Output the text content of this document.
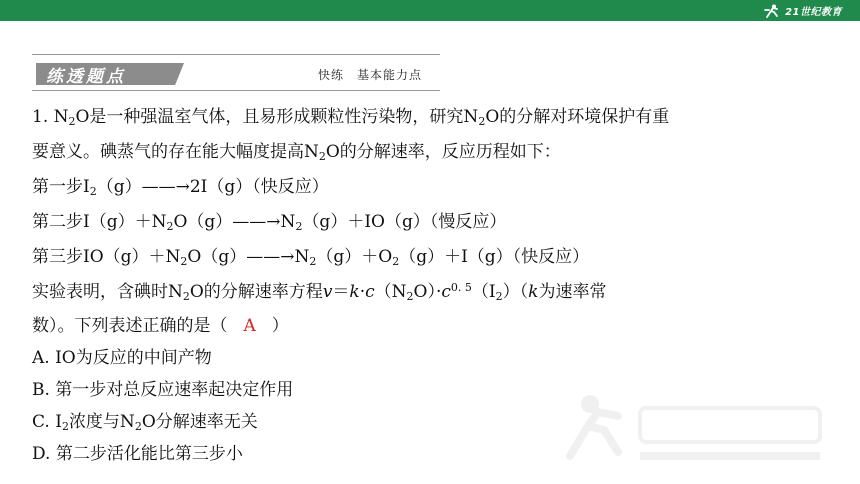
21世纪教育
练透题点	快练　基本能力点
1. $N_2O$是一种强温室气体，且易形成颗粒性污染物，研究$N_2O$的分解对环境保护有重
要意义。碘蒸气的存在能大幅度提高$N_2O$的分解速率，反应历程如下：
第一步$I_2(g)——\to 2I(g)$（快反应）
第二步$I(g)+N_2O(g)——\to N_2(g)+IO(g)$（慢反应）
第三步$IO(g)+N_2O(g)——\to N_2(g)+O_2(g)+I(g)$（快反应）
实验表明，含碘时$N_2O$的分解速率方程$v=k\cdot c(N_2O)\cdot c^{0. 5}(I_2)(k$为速率常
数）。下列表述正确的是（ A ）
A. IO为反应的中间产物
B. 第一步对总反应速率起决定作用
C. $I_2$浓度与$N_2O$分解速率无关
D. 第二步活化能比第三步小
